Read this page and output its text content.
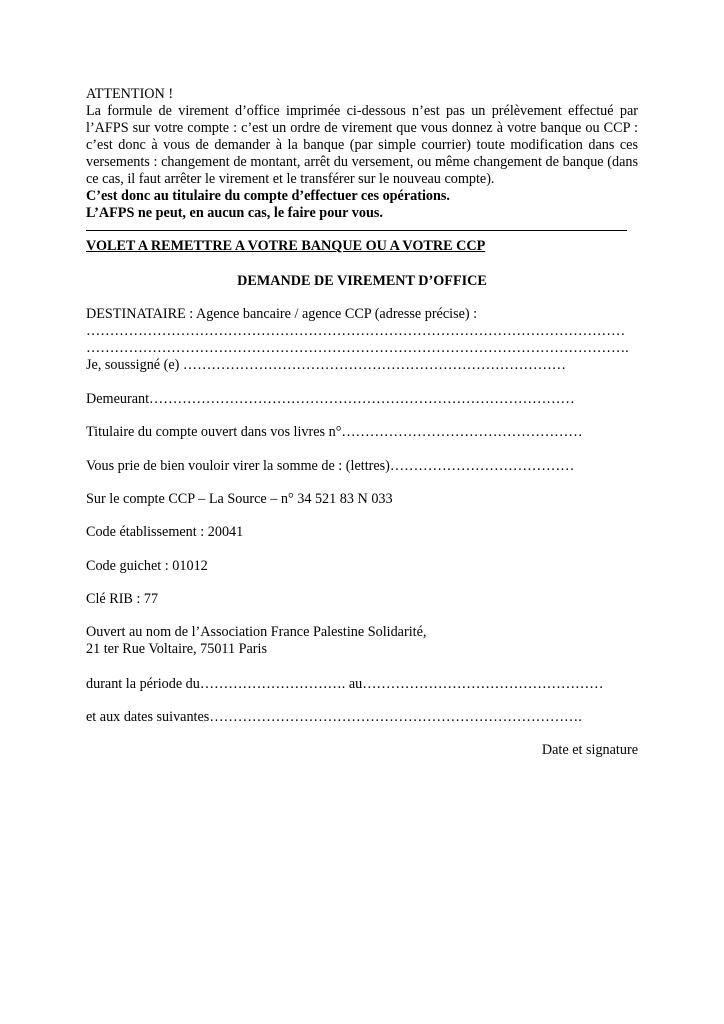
ATTENTION !

La formule de virement d’office imprimée ci-dessous n’est pas un prélèvement effectué par l’AFPS sur votre compte : c’est un ordre de virement que vous donnez à votre banque ou CCP : c’est donc à vous de demander à la banque (par simple courrier) toute modification dans ces versements : changement de montant, arrêt du versement, ou même changement de banque (dans ce cas, il faut arrêter le virement et le transférer sur le nouveau compte).

C’est donc au titulaire du compte d’effectuer ces opérations.
L’AFPS ne peut, en aucun cas, le faire pour vous.
VOLET A REMETTRE A VOTRE BANQUE OU A VOTRE CCP
DEMANDE DE VIREMENT D’OFFICE
DESTINATAIRE : Agence bancaire / agence CCP (adresse précise) :
……………………………………………………………………………………………………
…………………………………………………………………………………………………….
Je, soussigné (e) ………………………………………………………………………
Demeurant………………………………………………………………………………
Titulaire du compte ouvert dans vos livres n°……………………………………………
Vous prie de bien vouloir virer la somme de : (lettres)…………………………………
Sur le compte CCP – La Source – n° 34 521 83 N 033
Code établissement : 20041
Code guichet : 01012
Clé RIB : 77
Ouvert au nom de l’Association France Palestine Solidarité,
21 ter Rue Voltaire, 75011 Paris
durant la période du…………………………. au……………………………………………
et aux dates suivantes…………………………………………………………………….
Date et signature
